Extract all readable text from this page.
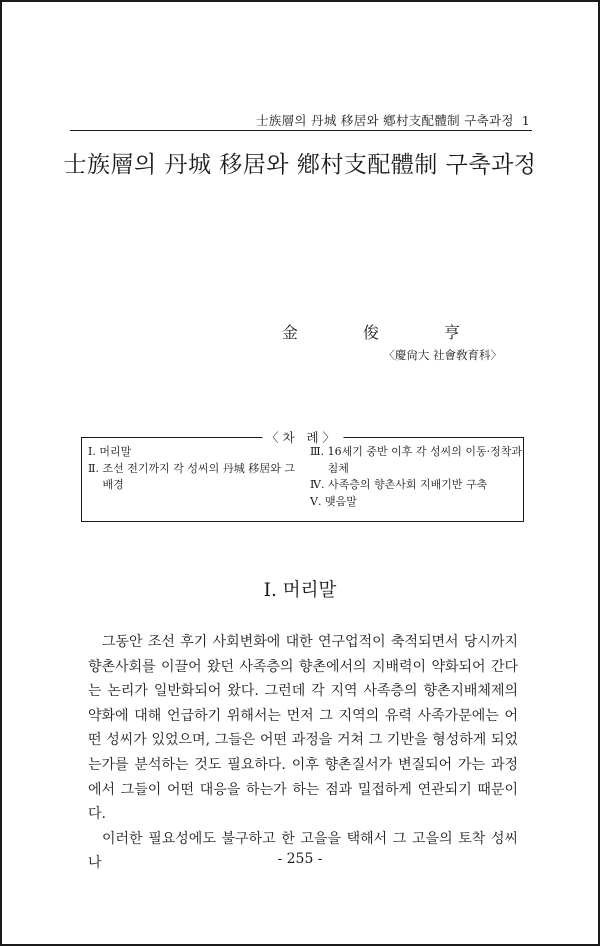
士族層의 丹城 移居와 鄕村支配體制 구축과정 1
士族層의 丹城 移居와 鄕村支配體制 구축과정
金 俊 亨
〈慶尙大 社會敎育科〉
〈차 례〉
Ⅰ. 머리말
Ⅱ. 조선 전기까지 각 성씨의 丹城 移居와 그 배경
Ⅲ. 16세기 중반 이후 각 성씨의 이동·정착과 침체
Ⅳ. 사족층의 향촌사회 지배기반 구축
Ⅴ. 맺음말
Ⅰ. 머리말

그동안 조선 후기 사회변화에 대한 연구업적이 축적되면서 당시까지 향촌사회를 이끌어 왔던 사족층의 향촌에서의 지배력이 약화되어 간다는 논리가 일반화되어 왔다. 그런데 각 지역 사족층의 향촌지배체제의 약화에 대해 언급하기 위해서는 먼저 그 지역의 유력 사족가문에는 어떤 성씨가 있었으며, 그들은 어떤 과정을 거쳐 그 기반을 형성하게 되었는가를 분석하는 것도 필요하다. 이후 향촌질서가 변질되어 가는 과정에서 그들이 어떤 대응을 하는가 하는 점과 밀접하게 연관되기 때문이다.

이러한 필요성에도 불구하고 한 고을을 택해서 그 고을의 토착 성씨나	- 255 -
